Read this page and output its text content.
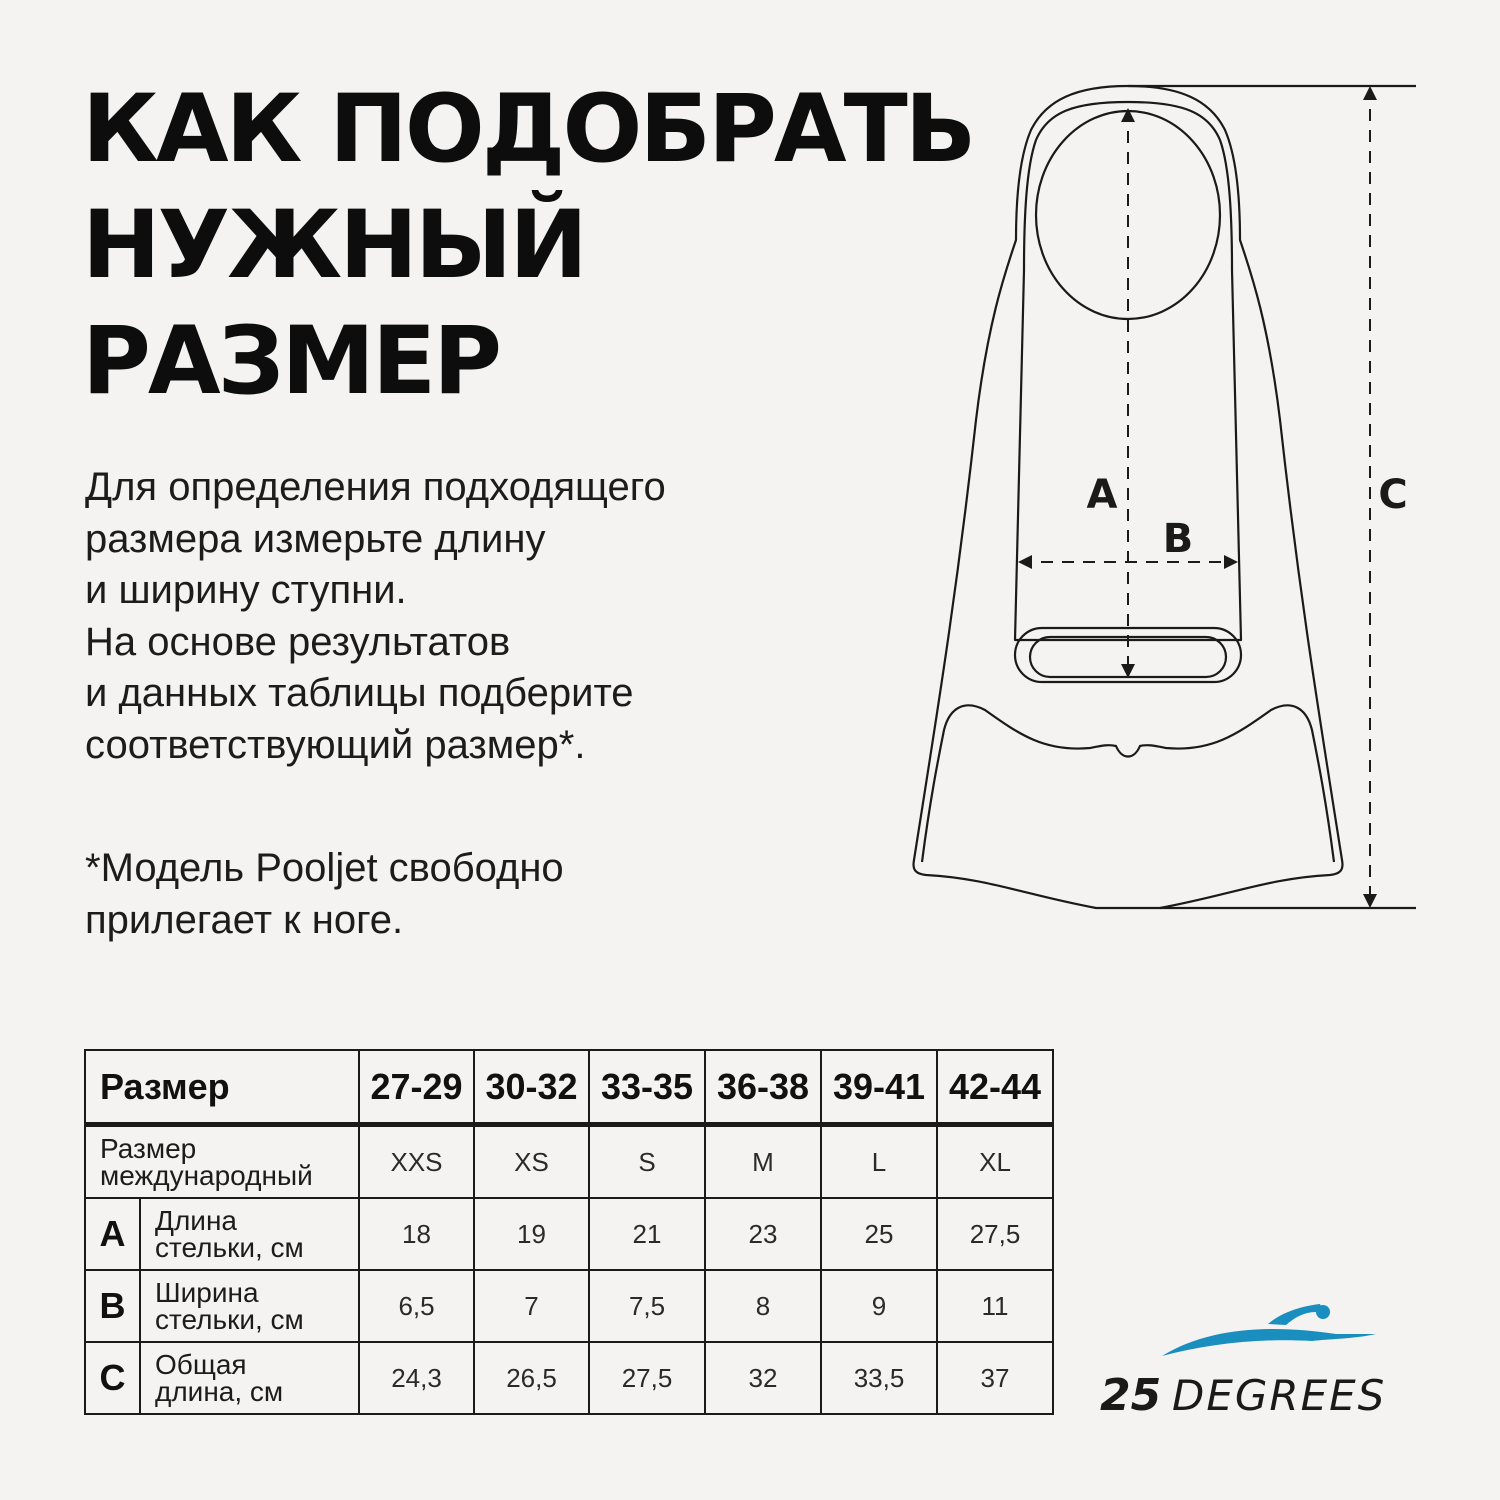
КАК ПОДОБРАТЬ
НУЖНЫЙ
РАЗМЕР

Для определения подходящего
размера измерьте длину
и ширину ступни.
На основе результатов
и данных таблицы подберите
соответствующий размер*.

*Модель Pooljet свободно
прилегает к ноге.

A
B
C
Размер		27-29	30-32	33-35	36-38	39-41	42-44

Размер
международный		XXS	XS	S	M	L	XL
A	Длина
стельки, см	18	19	21	23	25	27,5
B	Ширина
стельки, см	6,5	7	7,5	8	9	11
C	Общая
длина, см	24,3	26,5	27,5	32	33,5	37 25 DEGREES
